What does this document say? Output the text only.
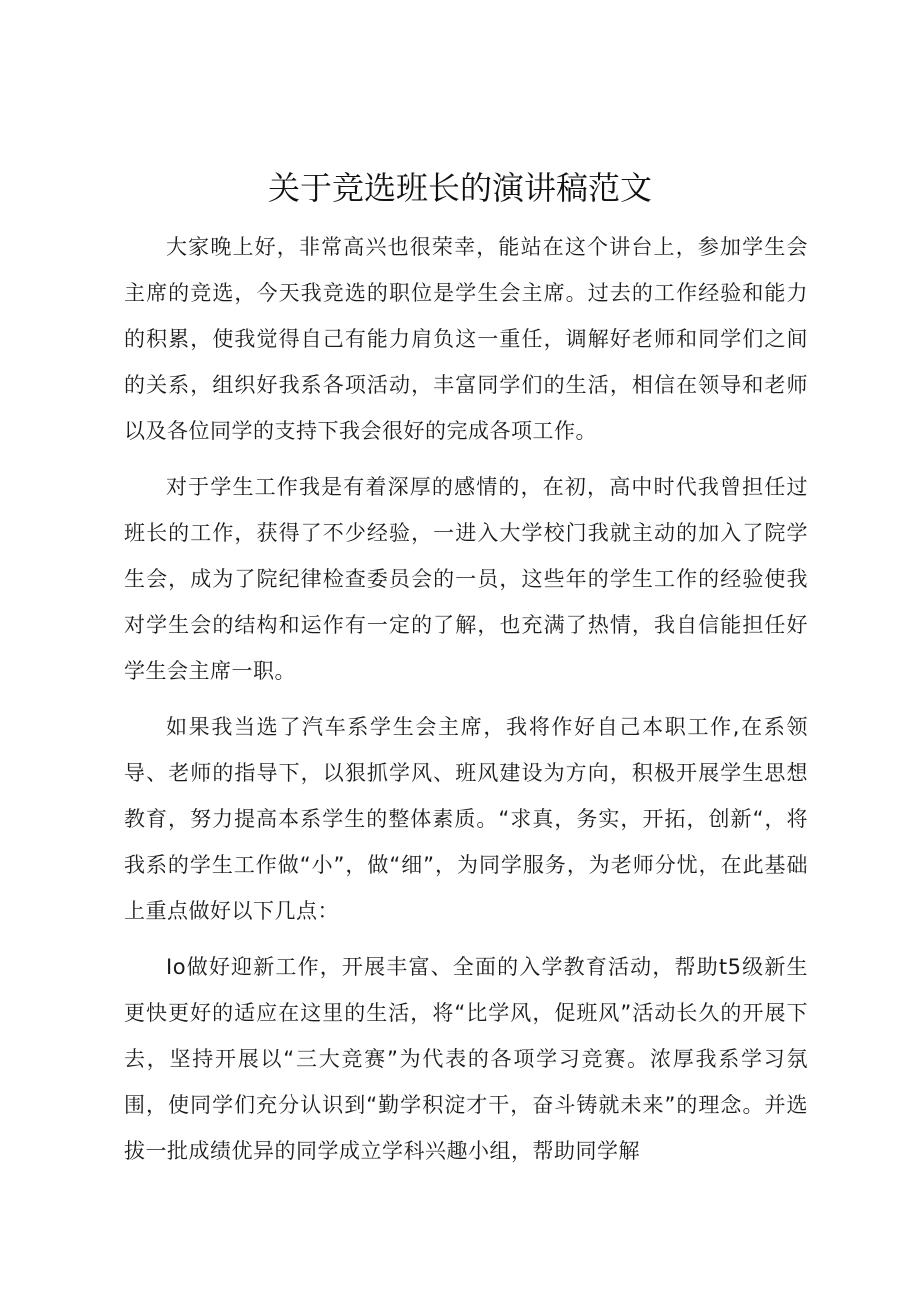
关于竞选班长的演讲稿范文

大家晚上好，非常高兴也很荣幸，能站在这个讲台上，参加学生会主席的竞选，今天我竞选的职位是学生会主席。过去的工作经验和能力的积累，使我觉得自己有能力肩负这一重任，调解好老师和同学们之间的关系，组织好我系各项活动，丰富同学们的生活，相信在领导和老师以及各位同学的支持下我会很好的完成各项工作。

对于学生工作我是有着深厚的感情的，在初，高中时代我曾担任过班长的工作，获得了不少经验，一进入大学校门我就主动的加入了院学生会，成为了院纪律检查委员会的一员，这些年的学生工作的经验使我对学生会的结构和运作有一定的了解，也充满了热情，我自信能担任好学生会主席一职。

如果我当选了汽车系学生会主席，我将作好自己本职工作,在系领导、老师的指导下，以狠抓学风、班风建设为方向，积极开展学生思想教育，努力提高本系学生的整体素质。“求真，务实，开拓，创新“，将我系的学生工作做“小”，做“细”，为同学服务，为老师分忧，在此基础上重点做好以下几点：

Io做好迎新工作，开展丰富、全面的入学教育活动，帮助t5级新生更快更好的适应在这里的生活，将“比学风，促班风”活动长久的开展下去，坚持开展以“三大竞赛”为代表的各项学习竞赛。浓厚我系学习氛围，使同学们充分认识到“勤学积淀才干，奋斗铸就未来”的理念。并选拔一批成绩优异的同学成立学科兴趣小组，帮助同学解
